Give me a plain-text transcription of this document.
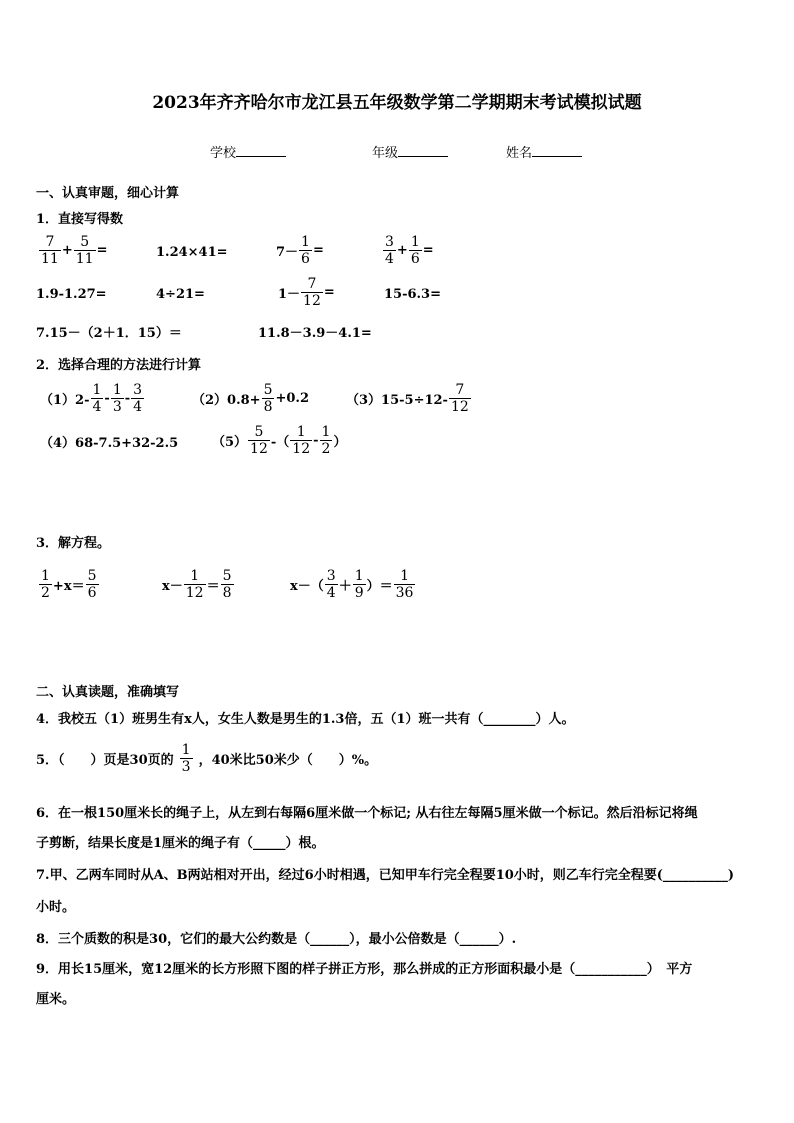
2023年齐齐哈尔市龙江县五年级数学第二学期期末考试模拟试题
学校	年级	姓名
一、认真审题，细心计算
1．直接写得数
$\frac{7}{11} + \frac{5}{11}$ =	1.24×41=	$7- \frac{1}{6}$ =	$\frac{3}{4} + \frac{1}{6}$ =
1.9-1.27=	4÷21=	$1- \frac{7}{12}$ =	15-6.3=
7.15－（2＋1．15）＝	11.8－3.9－4.1=
2．选择合理的方法进行计算
$(1)2- \frac{1}{4} - \frac{1}{3} - \frac{3}{4}$	$(2)0.8+ \frac{5}{8} +0.2$	$(3)15-5\div 12- \frac{7}{12}$
（4）68-7.5+32-2.5	$(5) \frac{5}{12}$ -（ $\frac{1}{12} - \frac{1}{2}$ ）
3．解方程。
$\frac{1}{2} +x= \frac{5}{6}$	$x- \frac{1}{12} = \frac{5}{8}$	$x-( \frac{3}{4} + \frac{1}{9}$ ）＝ $\frac{1}{36}$
二、认真读题，准确填写
4．我校五（1）班男生有x人，女生人数是男生的1.3倍，五（1）班一共有（________）人。
5．（　　）页是30页的 $\frac{1}{3}$ ，40米比50米少（　　）%。
6．在一根150厘米长的绳子上，从左到右每隔6厘米做一个标记; 从右往左每隔5厘米做一个标记。然后沿标记将绳
子剪断，结果长度是1厘米的绳子有（_____）根。
7.甲、乙两车同时从A、B两站相对开出，经过6小时相遇，已知甲车行完全程要10小时，则乙车行完全程要(__________)
小时。
8．三个质数的积是30，它们的最大公约数是（______），最小公倍数是（______）.
9．用长15厘米，宽12厘米的长方形照下图的样子拼正方形，那么拼成的正方形面积最小是（___________）　平方
厘米。
